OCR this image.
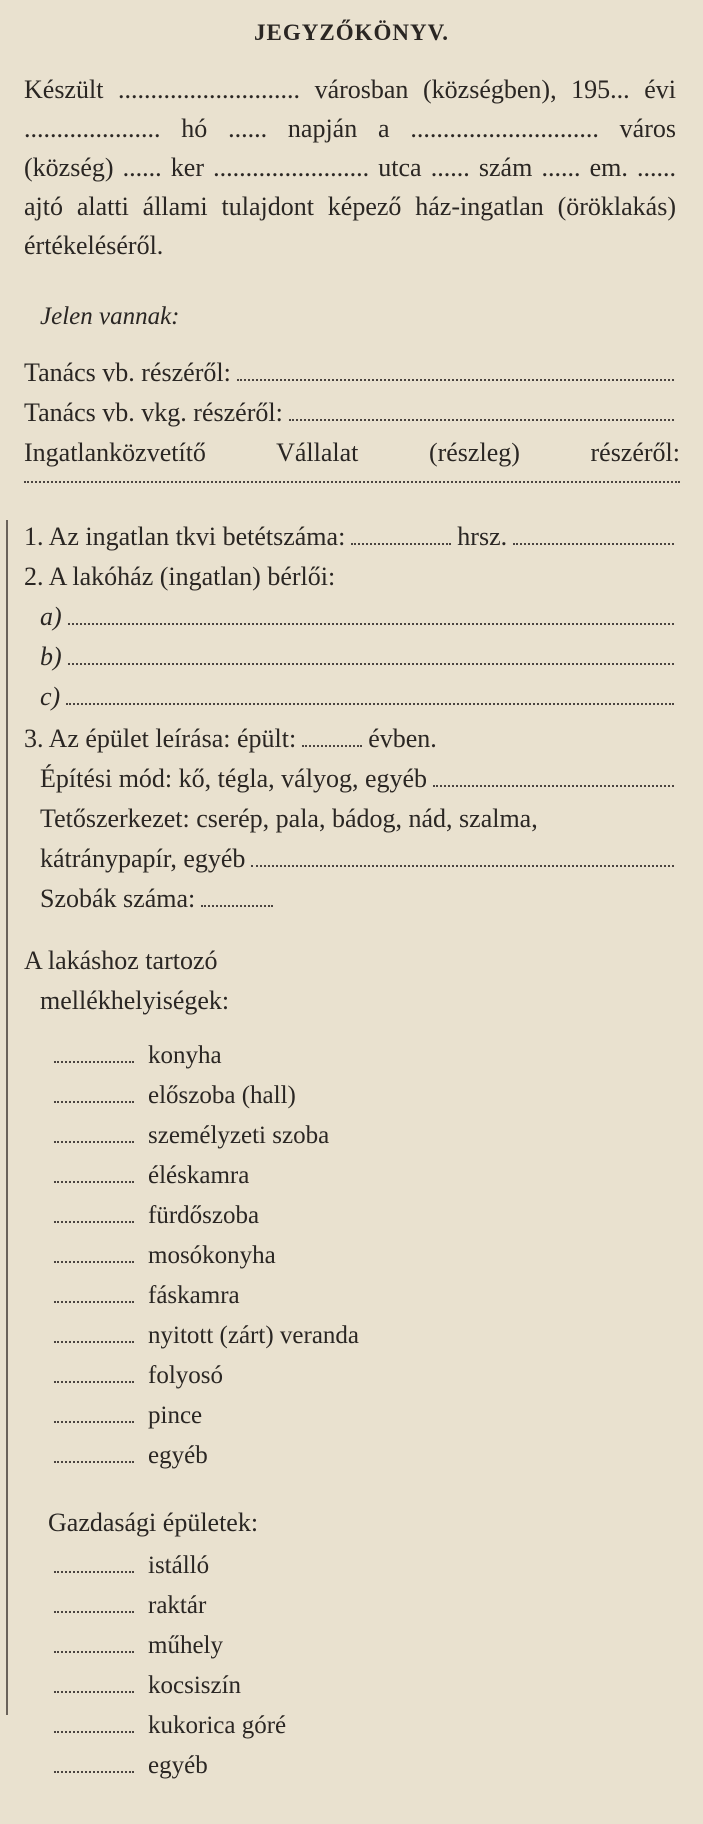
JEGYZŐKÖNYV.
Készült ............................ városban (községben), 195... évi ..................... hó ...... napján a ............................. város (község) ...... ker ........................ utca ...... szám ...... em. ...... ajtó alatti állami tulajdont képező ház-ingatlan (öröklakás) értékeléséről.
Jelen vannak:
Tanács vb. részéről:
Tanács vb. vkg. részéről:
Ingatlanközvetítő Vállalat (részleg) részéről:
1. Az ingatlan tkvi betétszáma:	hrsz.
2. A lakóház (ingatlan) bérlői:
a)
b)
c)
3. Az épület leírása: épült:	évben.
Építési mód: kő, tégla, vályog, egyéb
Tetőszerkezet: cserép, pala, bádog, nád, szalma,
kátránypapír, egyéb
Szobák száma:
A lakáshoz tartozó
mellékhelyiségek:
konyha
előszoba (hall)
személyzeti szoba
éléskamra
fürdőszoba
mosókonyha
fáskamra
nyitott (zárt) veranda
folyosó
pince
egyéb
Gazdasági épületek:
istálló
raktár
műhely
kocsiszín
kukorica góré
egyéb
